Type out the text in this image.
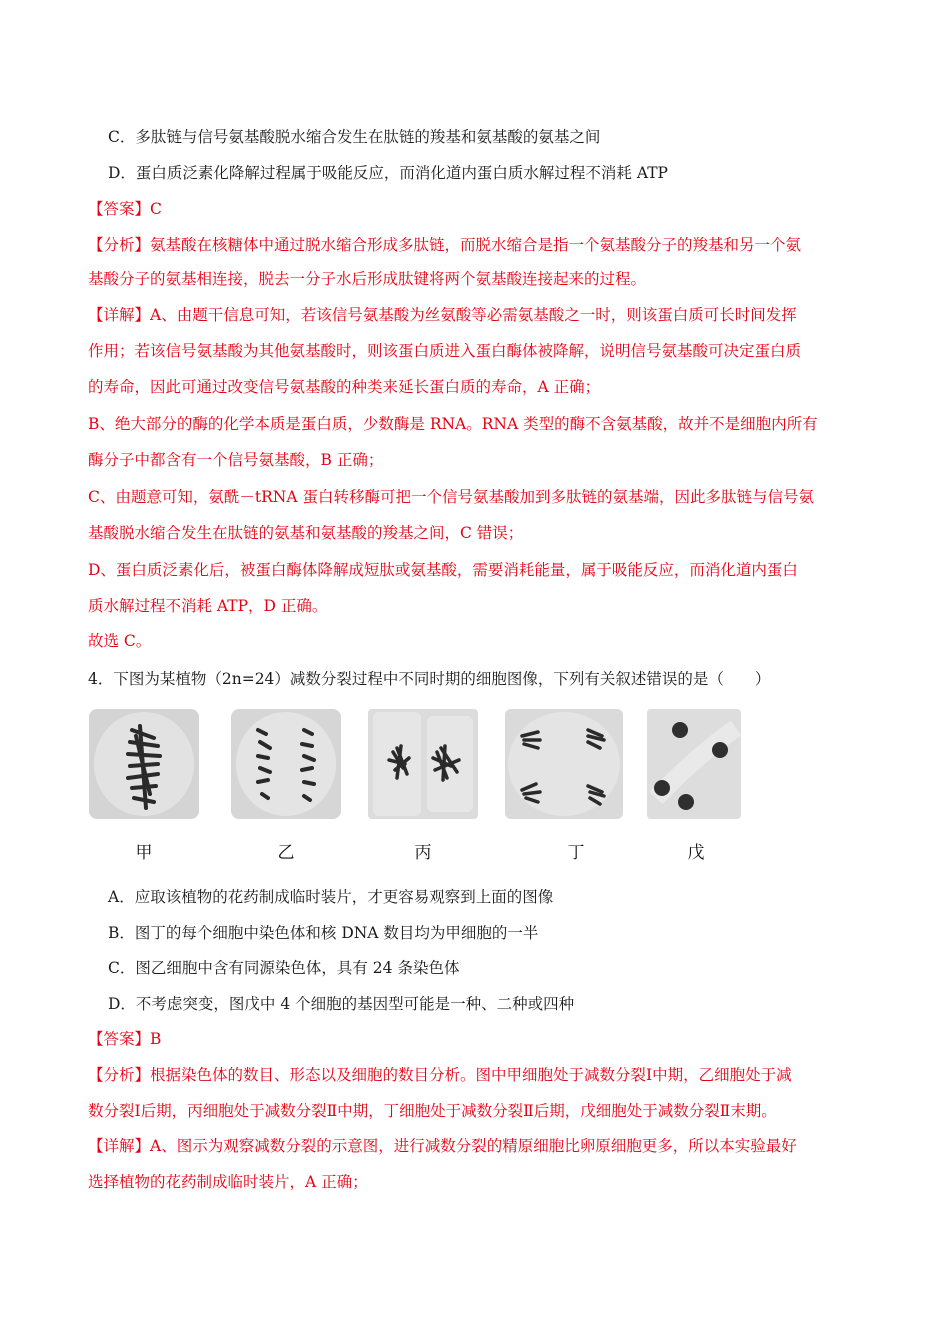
C．多肽链与信号氨基酸脱水缩合发生在肽链的羧基和氨基酸的氨基之间
D．蛋白质泛素化降解过程属于吸能反应，而消化道内蛋白质水解过程不消耗 ATP
【答案】C
【分析】氨基酸在核糖体中通过脱水缩合形成多肽链，而脱水缩合是指一个氨基酸分子的羧基和另一个氨
基酸分子的氨基相连接，脱去一分子水后形成肽键将两个氨基酸连接起来的过程。
【详解】A、由题干信息可知，若该信号氨基酸为丝氨酸等必需氨基酸之一时，则该蛋白质可长时间发挥
作用；若该信号氨基酸为其他氨基酸时，则该蛋白质进入蛋白酶体被降解，说明信号氨基酸可决定蛋白质
的寿命，因此可通过改变信号氨基酸的种类来延长蛋白质的寿命，A 正确；
B、绝大部分的酶的化学本质是蛋白质，少数酶是 RNA。RNA 类型的酶不含氨基酸，故并不是细胞内所有
酶分子中都含有一个信号氨基酸，B 正确；
C、由题意可知，氨酰－tRNA 蛋白转移酶可把一个信号氨基酸加到多肽链的氨基端，因此多肽链与信号氨
基酸脱水缩合发生在肽链的氨基和氨基酸的羧基之间，C 错误；
D、蛋白质泛素化后，被蛋白酶体降解成短肽或氨基酸，需要消耗能量，属于吸能反应，而消化道内蛋白
质水解过程不消耗 ATP，D 正确。
故选 C。
4．下图为某植物（2n=24）减数分裂过程中不同时期的细胞图像，下列有关叙述错误的是（　　）
甲	乙	丙	丁	戊
A．应取该植物的花药制成临时装片，才更容易观察到上面的图像
B．图丁的每个细胞中染色体和核 DNA 数目均为甲细胞的一半
C．图乙细胞中含有同源染色体，具有 24 条染色体
D．不考虑突变，图戊中 4 个细胞的基因型可能是一种、二种或四种
【答案】B
【分析】根据染色体的数目、形态以及细胞的数目分析。图中甲细胞处于减数分裂Ⅰ中期，乙细胞处于减
数分裂Ⅰ后期，丙细胞处于减数分裂Ⅱ中期，丁细胞处于减数分裂Ⅱ后期，戊细胞处于减数分裂Ⅱ末期。
【详解】A、图示为观察减数分裂的示意图，进行减数分裂的精原细胞比卵原细胞更多，所以本实验最好
选择植物的花药制成临时装片，A 正确；
